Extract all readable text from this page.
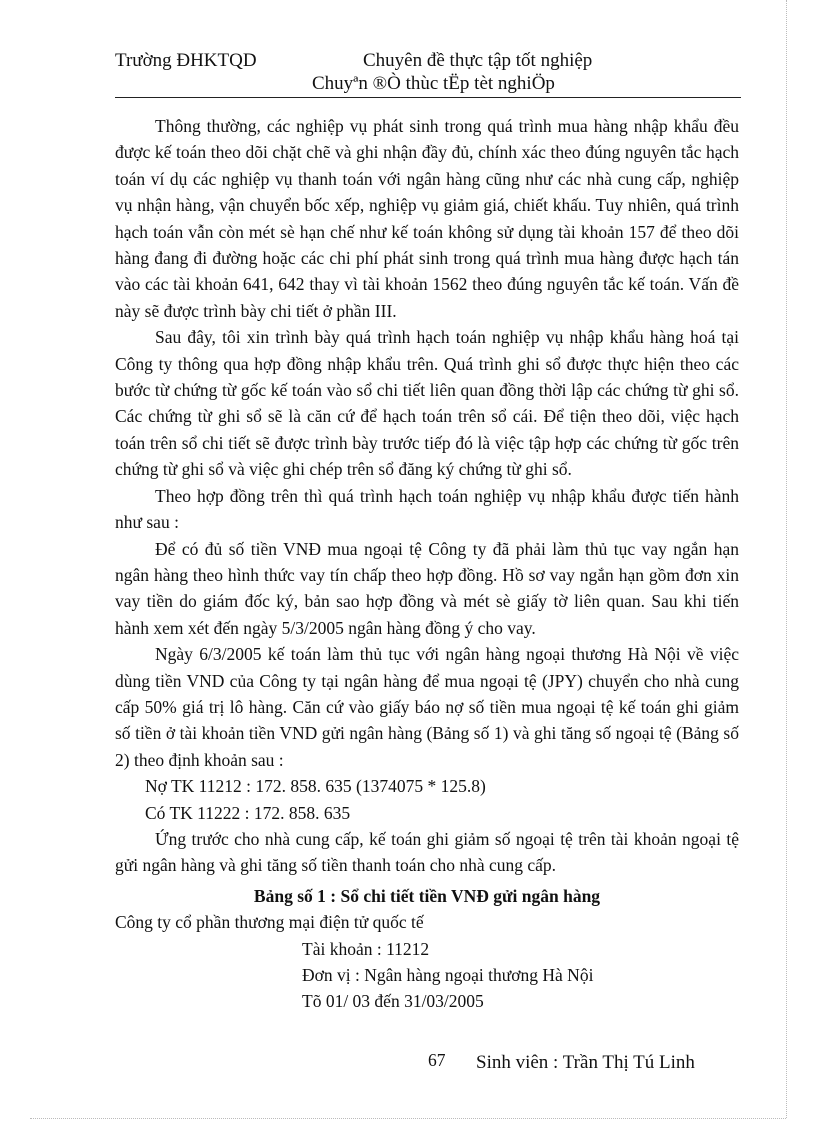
Trường ĐHKTQD	Chuyên đề thực tập tốt nghiệp
Chuyªn ®Ò thùc tËp tèt nghiÖp

Thông thường, các nghiệp vụ phát sinh trong quá trình mua hàng nhập khẩu đều được kế toán theo dõi chặt chẽ và ghi nhận đầy đủ, chính xác theo đúng nguyên tắc hạch toán ví dụ các nghiệp vụ thanh toán với ngân hàng cũng như các nhà cung cấp, nghiệp vụ nhận hàng, vận chuyển bốc xếp, nghiệp vụ giảm giá, chiết khấu. Tuy nhiên, quá trình hạch toán vẫn còn mét sè hạn chế như kế toán không sử dụng tài khoản 157 để theo dõi hàng đang đi đường hoặc các chi phí phát sinh trong quá trình mua hàng được hạch tán vào các tài khoản 641, 642 thay vì tài khoản 1562 theo đúng nguyên tắc kế toán. Vấn đề này sẽ được trình bày chi tiết ở phần III.

Sau đây, tôi xin trình bày quá trình hạch toán nghiệp vụ nhập khẩu hàng hoá tại Công ty thông qua hợp đồng nhập khẩu trên. Quá trình ghi sổ được thực hiện theo các bước từ chứng từ gốc kế toán vào sổ chi tiết liên quan đồng thời lập các chứng từ ghi sổ. Các chứng từ ghi sổ sẽ là căn cứ để hạch toán trên sổ cái. Để tiện theo dõi, việc hạch toán trên sổ chi tiết sẽ được trình bày trước tiếp đó là việc tập hợp các chứng từ gốc trên chứng từ ghi sổ và việc ghi chép trên sổ đăng ký chứng từ ghi sổ.

Theo hợp đồng trên thì quá trình hạch toán nghiệp vụ nhập khẩu được tiến hành như sau :

Để có đủ số tiền VNĐ mua ngoại tệ Công ty đã phải làm thủ tục vay ngắn hạn ngân hàng theo hình thức vay tín chấp theo hợp đồng. Hồ sơ vay ngắn hạn gồm đơn xin vay tiền do giám đốc ký, bản sao hợp đồng và mét sè giấy tờ liên quan. Sau khi tiến hành xem xét đến ngày 5/3/2005 ngân hàng đồng ý cho vay.

Ngày 6/3/2005 kế toán làm thủ tục với ngân hàng ngoại thương Hà Nội về việc dùng tiền VND của Công ty tại ngân hàng để mua ngoại tệ (JPY) chuyển cho nhà cung cấp 50% giá trị lô hàng. Căn cứ vào giấy báo nợ số tiền mua ngoại tệ kế toán ghi giảm số tiền ở tài khoản tiền VND gửi ngân hàng (Bảng số 1) và ghi tăng số ngoại tệ (Bảng số 2) theo định khoản sau :

Nợ TK 11212 : 172. 858. 635 (1374075 * 125.8)

Có TK 11222 : 172. 858. 635

Ứng trước cho nhà cung cấp, kế toán ghi giảm số ngoại tệ trên tài khoản ngoại tệ gửi ngân hàng và ghi tăng số tiền thanh toán cho nhà cung cấp.

Bảng số 1 : Sổ chi tiết tiền VNĐ gửi ngân hàng

Công ty cổ phần thương mại điện tử quốc tế

Tài khoản : 11212

Đơn vị : Ngân hàng ngoại thương Hà Nội

Tõ 01/ 03 đến 31/03/2005

67 Sinh viên : Trần Thị Tú Linh
